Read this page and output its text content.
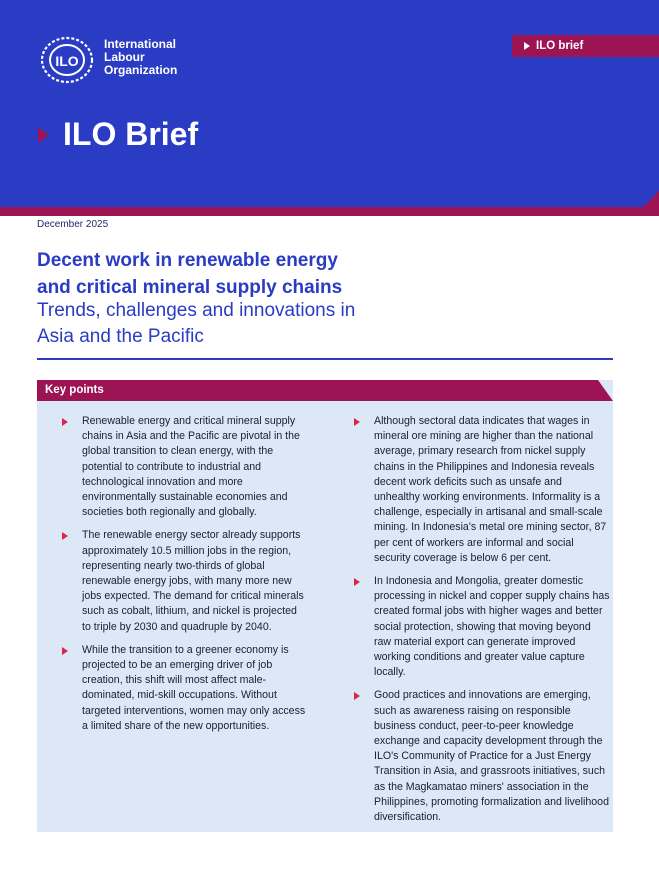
ILO
International
Labour
Organization
ILO brief
ILO Brief
December 2025
Decent work in renewable energy
and critical mineral supply chains
Trends, challenges and innovations in
Asia and the Pacific
Key points
Renewable energy and critical mineral supply chains in Asia and the Pacific are pivotal in the global transition to clean energy, with the potential to contribute to industrial and technological innovation and more environmentally sustainable economies and societies both regionally and globally.
The renewable energy sector already supports approximately 10.5 million jobs in the region, representing nearly two-thirds of global renewable energy jobs, with many more new jobs expected. The demand for critical minerals such as cobalt, lithium, and nickel is projected to triple by 2030 and quadruple by 2040.
While the transition to a greener economy is projected to be an emerging driver of job creation, this shift will most affect male-dominated, mid-skill occupations. Without targeted interventions, women may only access a limited share of the new opportunities.
Although sectoral data indicates that wages in mineral ore mining are higher than the national average, primary research from nickel supply chains in the Philippines and Indonesia reveals decent work deficits such as unsafe and unhealthy working environments. Informality is a challenge, especially in artisanal and small-scale mining. In Indonesia's metal ore mining sector, 87 per cent of workers are informal and social security coverage is below 6 per cent.
In Indonesia and Mongolia, greater domestic processing in nickel and copper supply chains has created formal jobs with higher wages and better social protection, showing that moving beyond raw material export can generate improved working conditions and greater value capture locally.
Good practices and innovations are emerging, such as awareness raising on responsible business conduct, peer-to-peer knowledge exchange and capacity development through the ILO's Community of Practice for a Just Energy Transition in Asia, and grassroots initiatives, such as the Magkamatao miners' association in the Philippines, promoting formalization and livelihood diversification.
